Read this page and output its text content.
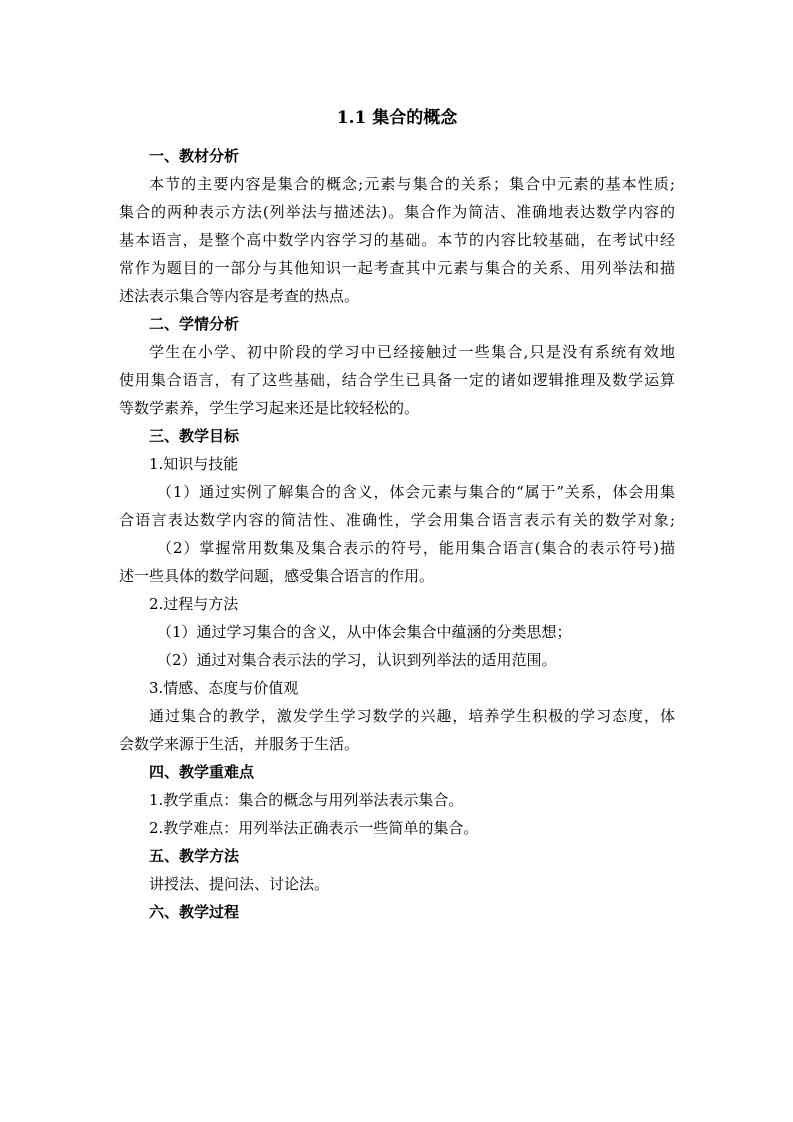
1.1 集合的概念
一、教材分析
本节的主要内容是集合的概念;元素与集合的关系；集合中元素的基本性质;
集合的两种表示方法(列举法与描述法)。集合作为简洁、准确地表达数学内容的
基本语言，是整个高中数学内容学习的基础。本节的内容比较基础，在考试中经
常作为题目的一部分与其他知识一起考查其中元素与集合的关系、用列举法和描
述法表示集合等内容是考查的热点。
二、学情分析
学生在小学、初中阶段的学习中已经接触过一些集合,只是没有系统有效地
使用集合语言，有了这些基础，结合学生已具备一定的诸如逻辑推理及数学运算
等数学素养，学生学习起来还是比较轻松的。
三、教学目标
1.知识与技能
（1）通过实例了解集合的含义，体会元素与集合的“属于”关系，体会用集
合语言表达数学内容的简洁性、准确性，学会用集合语言表示有关的数学对象;
（2）掌握常用数集及集合表示的符号，能用集合语言(集合的表示符号)描
述一些具体的数学问题，感受集合语言的作用。
2.过程与方法
（1）通过学习集合的含义，从中体会集合中蕴涵的分类思想；
（2）通过对集合表示法的学习，认识到列举法的适用范围。
3.情感、态度与价值观
通过集合的教学，激发学生学习数学的兴趣，培养学生积极的学习态度，体
会数学来源于生活，并服务于生活。
四、教学重难点
1.教学重点：集合的概念与用列举法表示集合。
2.教学难点：用列举法正确表示一些简单的集合。
五、教学方法
讲授法、提问法、讨论法。
六、教学过程
